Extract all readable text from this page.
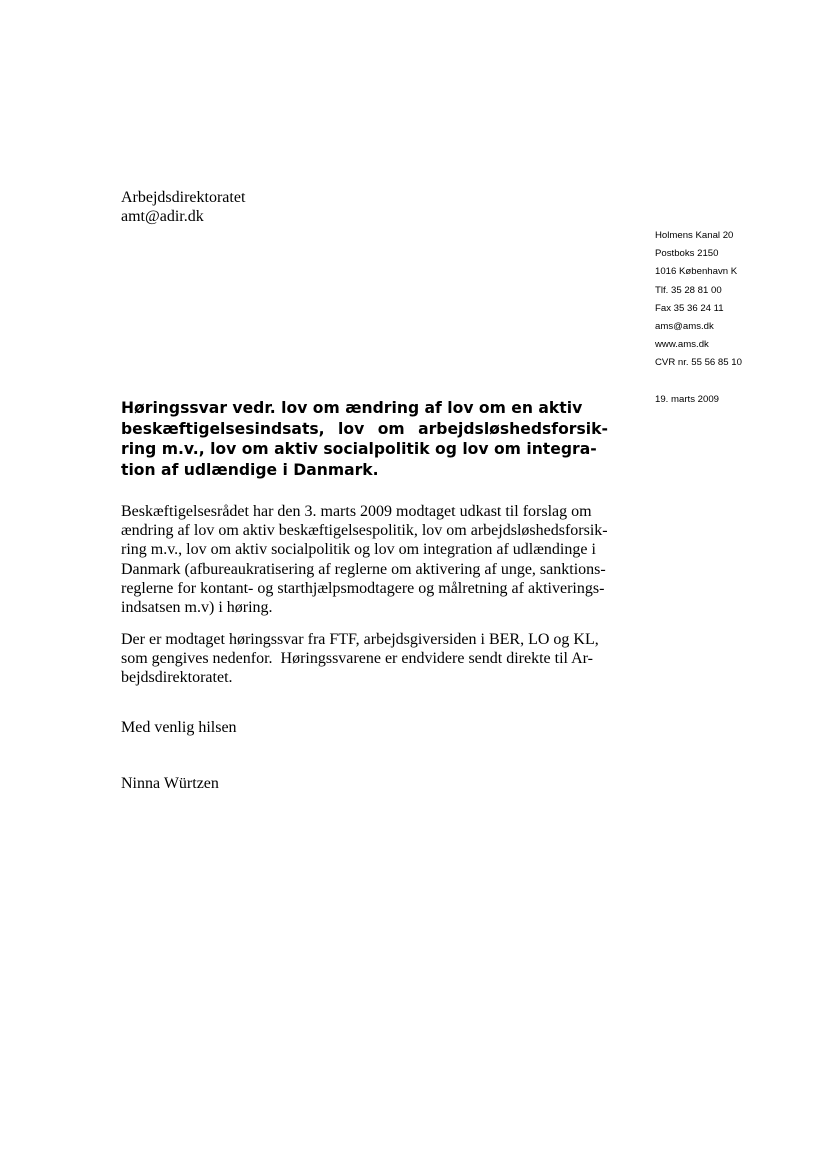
Arbejdsdirektoratet
amt@adir.dk
Holmens Kanal 20
Postboks 2150
1016 København K
Tlf. 35 28 81 00
Fax 35 36 24 11
ams@ams.dk
www.ams.dk
CVR nr. 55 56 85 10
19. marts 2009
Høringssvar vedr. lov om ændring af lov om en aktiv
beskæftigelsesindsats, lov om arbejdsløshedsforsik-
ring m.v., lov om aktiv socialpolitik og lov om integra-
tion af udlændige i Danmark.
Beskæftigelsesrådet har den 3. marts 2009 modtaget udkast til forslag om
ændring af lov om aktiv beskæftigelsespolitik, lov om arbejdsløshedsforsik-
ring m.v., lov om aktiv socialpolitik og lov om integration af udlændinge i
Danmark (afbureaukratisering af reglerne om aktivering af unge, sanktions-
reglerne for kontant- og starthjælpsmodtagere og målretning af aktiverings-
indsatsen m.v) i høring.
Der er modtaget høringssvar fra FTF, arbejdsgiversiden i BER, LO og KL,
som gengives nedenfor.  Høringssvarene er endvidere sendt direkte til Ar-
bejdsdirektoratet.
Med venlig hilsen
Ninna Würtzen
